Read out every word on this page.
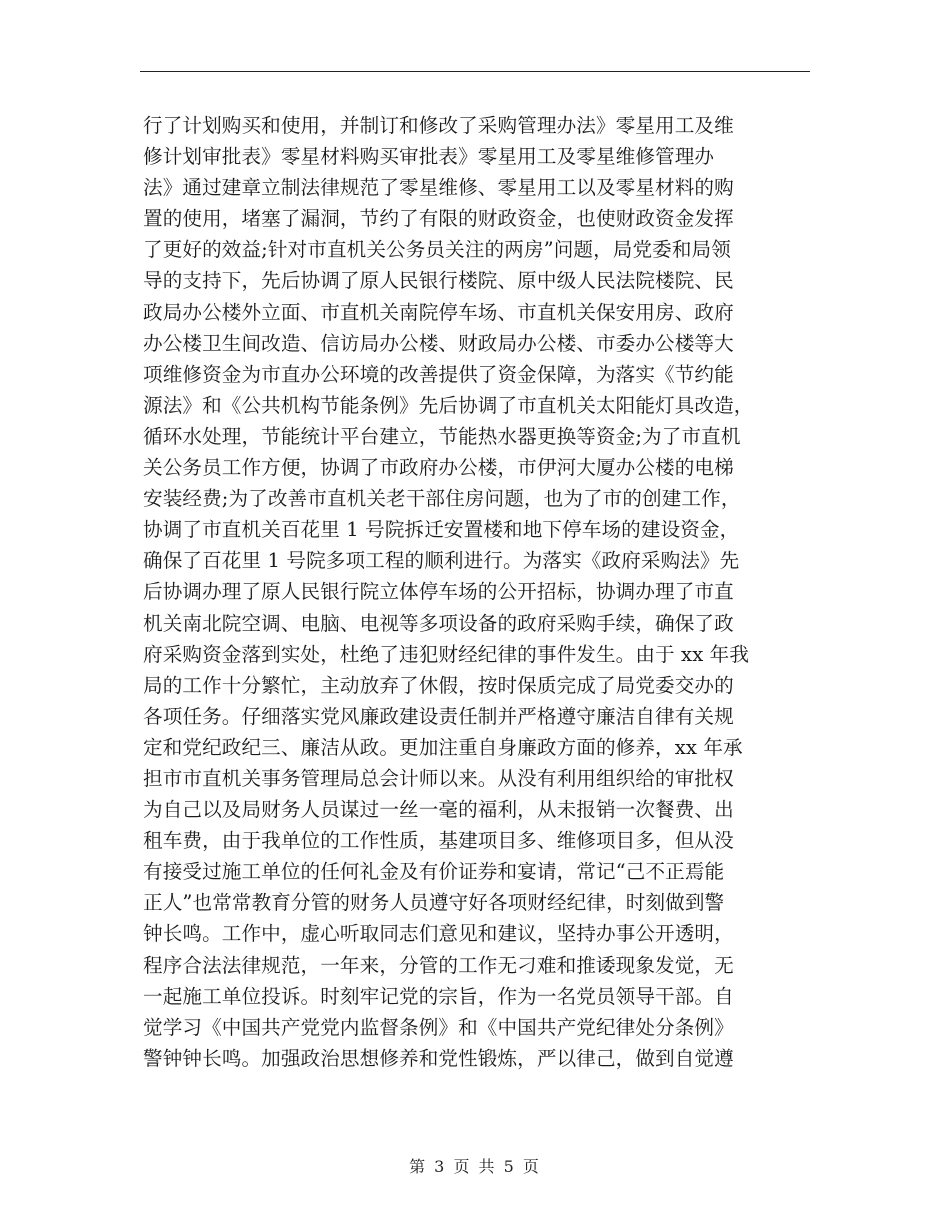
行了计划购买和使用，并制订和修改了采购管理办法》零星用工及维
修计划审批表》零星材料购买审批表》零星用工及零星维修管理办
法》通过建章立制法律规范了零星维修、零星用工以及零星材料的购
置的使用，堵塞了漏洞，节约了有限的财政资金，也使财政资金发挥
了更好的效益;针对市直机关公务员关注的两房”问题，局党委和局领
导的支持下，先后协调了原人民银行楼院、原中级人民法院楼院、民
政局办公楼外立面、市直机关南院停车场、市直机关保安用房、政府
办公楼卫生间改造、信访局办公楼、财政局办公楼、市委办公楼等大
项维修资金为市直办公环境的改善提供了资金保障，为落实《节约能
源法》和《公共机构节能条例》先后协调了市直机关太阳能灯具改造，
循环水处理，节能统计平台建立，节能热水器更换等资金;为了市直机
关公务员工作方便，协调了市政府办公楼，市伊河大厦办公楼的电梯
安装经费;为了改善市直机关老干部住房问题，也为了市的创建工作，
协调了市直机关百花里 1 号院拆迁安置楼和地下停车场的建设资金，
确保了百花里 1 号院多项工程的顺利进行。为落实《政府采购法》先
后协调办理了原人民银行院立体停车场的公开招标，协调办理了市直
机关南北院空调、电脑、电视等多项设备的政府采购手续，确保了政
府采购资金落到实处，杜绝了违犯财经纪律的事件发生。由于 xx 年我
局的工作十分繁忙，主动放弃了休假，按时保质完成了局党委交办的
各项任务。仔细落实党风廉政建设责任制并严格遵守廉洁自律有关规
定和党纪政纪三、廉洁从政。更加注重自身廉政方面的修养，xx 年承
担市市直机关事务管理局总会计师以来。从没有利用组织给的审批权
为自己以及局财务人员谋过一丝一毫的福利，从未报销一次餐费、出
租车费，由于我单位的工作性质，基建项目多、维修项目多，但从没
有接受过施工单位的任何礼金及有价证券和宴请，常记“己不正焉能
正人”也常常教育分管的财务人员遵守好各项财经纪律，时刻做到警
钟长鸣。工作中，虚心听取同志们意见和建议，坚持办事公开透明，
程序合法法律规范，一年来，分管的工作无刁难和推诿现象发觉，无
一起施工单位投诉。时刻牢记党的宗旨，作为一名党员领导干部。自
觉学习《中国共产党党内监督条例》和《中国共产党纪律处分条例》
警钟钟长鸣。加强政治思想修养和党性锻炼，严以律己，做到自觉遵
第 3 页 共 5 页
